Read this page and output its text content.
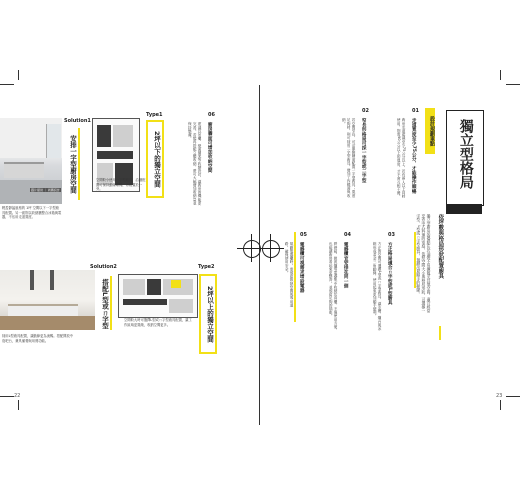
Solution1
Type1
圖片提供 ｜ 尚藝設計
輕盈靜謐風格的 1坪 空間以下一字型廚具配置。另一面則以收納牆整合冰箱與電器，不佔用走道寬度。
安排一字型廚房空間	空間較小使用一字型廚具，沿牆配置可保持動線順暢，冰箱置於一旁。
2坪以下的獨立空間
06
廚房牆面可增加收納空間
建議以吊櫃、壁面層架等收納設計，讓廚房的機能更完善。若能再搭配立體收納，將可大幅增加收納量並保持整潔。
Solution2	Type2
採用L型廚具配置，讓動線更為流暢。搭配開放中島吧台，兼具備餐與用餐功能。
搭配L型或ㄇ字型	空間較大時可選擇L型或ㄇ字型廚具配置，讓工作區域更寬敞，收納空間更多。	2坪以上的獨立空間
22
獨立型格局
依坪數與格局形狀配置廚具
獨立型廚房的優點在於油煙不易擴散至其他空間，適合經常烹煮中式料理的家庭。依照空間大小與格局形狀，可選擇一字型、L型或ㄇ字型廚具，規劃出最順手的動線。
設計規劃重點
01
走道寬度至少75公分，才能操作順暢
廚房走道建議至少75公分以上，若有兩人以上同時使用，則需90公分以上的寬度，才不會互相干擾。
02
窄長形格局可採一字型或二字型
若空間窄長，可沿單側牆面配置一字型廚具；寬度足夠時，則可採用二字型廚具，增加工作檯面與收納。
03
方正格局適合ㄇ字型或L型廚具
方正的空間可選擇L型或ㄇ字型廚具，讓水槽、爐台與冰箱形成黃金三角動線，使用起來更加順手便利。
04
電器櫃宜安排在同一側
將烤箱、微波爐等電器集中收納於高櫃，不僅使用方便，也能讓廚房看起來更整齊，並預留足夠的插座。
05
電器櫃可視需求增設電器
規劃電器櫃時，需預留散熱空間與專用迴路，確保使用安全。
23
